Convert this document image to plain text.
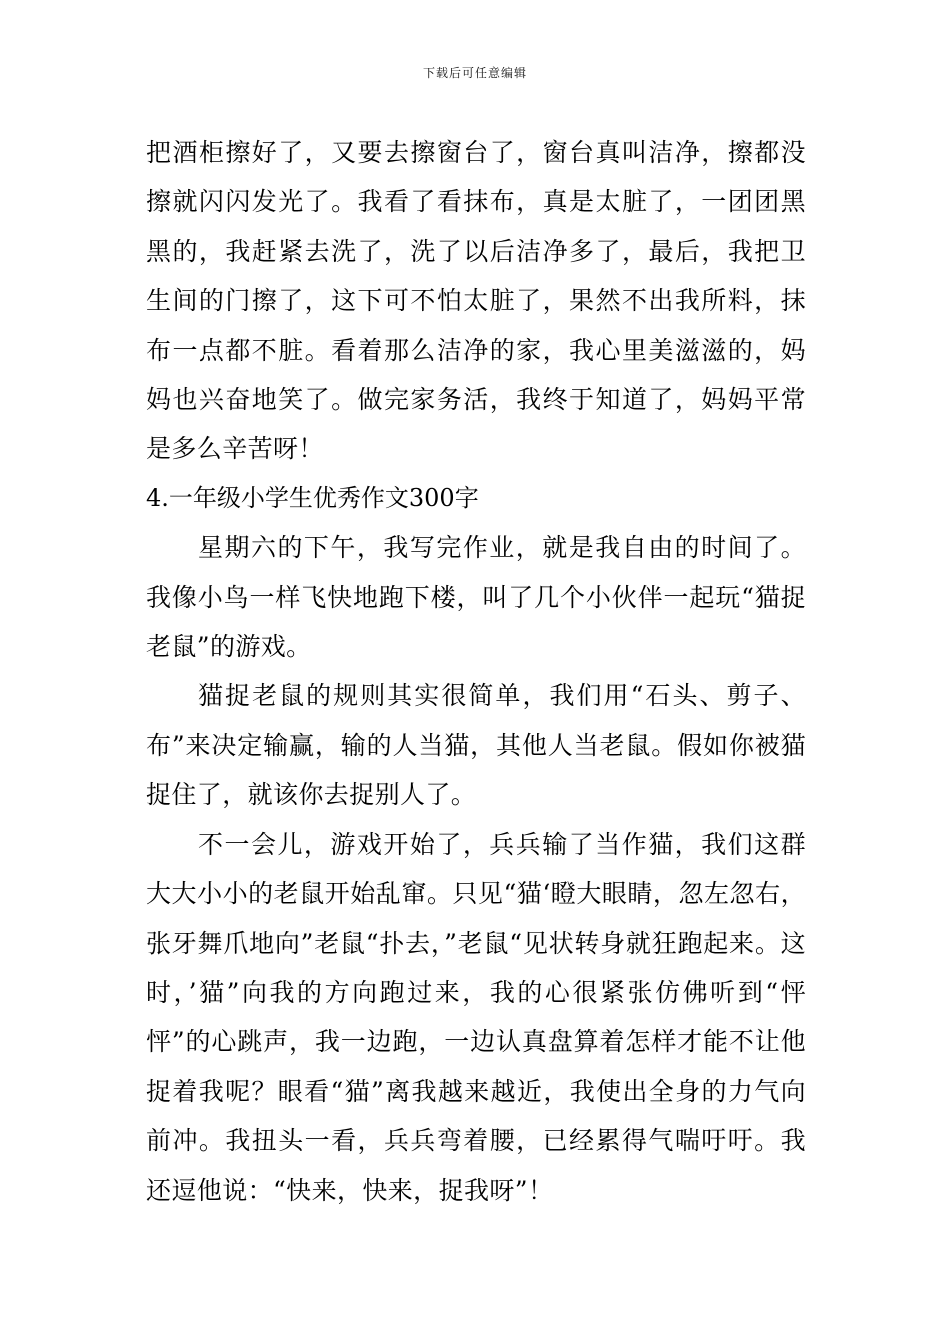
下载后可任意编辑

把酒柜擦好了，又要去擦窗台了，窗台真叫洁净，擦都没擦就闪闪发光了。我看了看抹布，真是太脏了，一团团黑黑的，我赶紧去洗了，洗了以后洁净多了，最后，我把卫生间的门擦了，这下可不怕太脏了，果然不出我所料，抹布一点都不脏。看着那么洁净的家，我心里美滋滋的，妈妈也兴奋地笑了。做完家务活，我终于知道了，妈妈平常是多么辛苦呀！

4.一年级小学生优秀作文300字

星期六的下午，我写完作业，就是我自由的时间了。我像小鸟一样飞快地跑下楼，叫了几个小伙伴一起玩“猫捉老鼠”的游戏。

猫捉老鼠的规则其实很简单，我们用“石头、剪子、布”来决定输赢，输的人当猫，其他人当老鼠。假如你被猫捉住了，就该你去捉别人了。

不一会儿，游戏开始了，兵兵输了当作猫，我们这群大大小小的老鼠开始乱窜。只见“猫‘瞪大眼睛，忽左忽右，张牙舞爪地向”老鼠“扑去，”老鼠“见状转身就狂跑起来。这时，’猫”向我的方向跑过来，我的心很紧张仿佛听到“怦怦”的心跳声，我一边跑，一边认真盘算着怎样才能不让他捉着我呢？眼看“猫”离我越来越近，我使出全身的力气向前冲。我扭头一看，兵兵弯着腰，已经累得气喘吁吁。我还逗他说：“快来，快来，捉我呀”！
